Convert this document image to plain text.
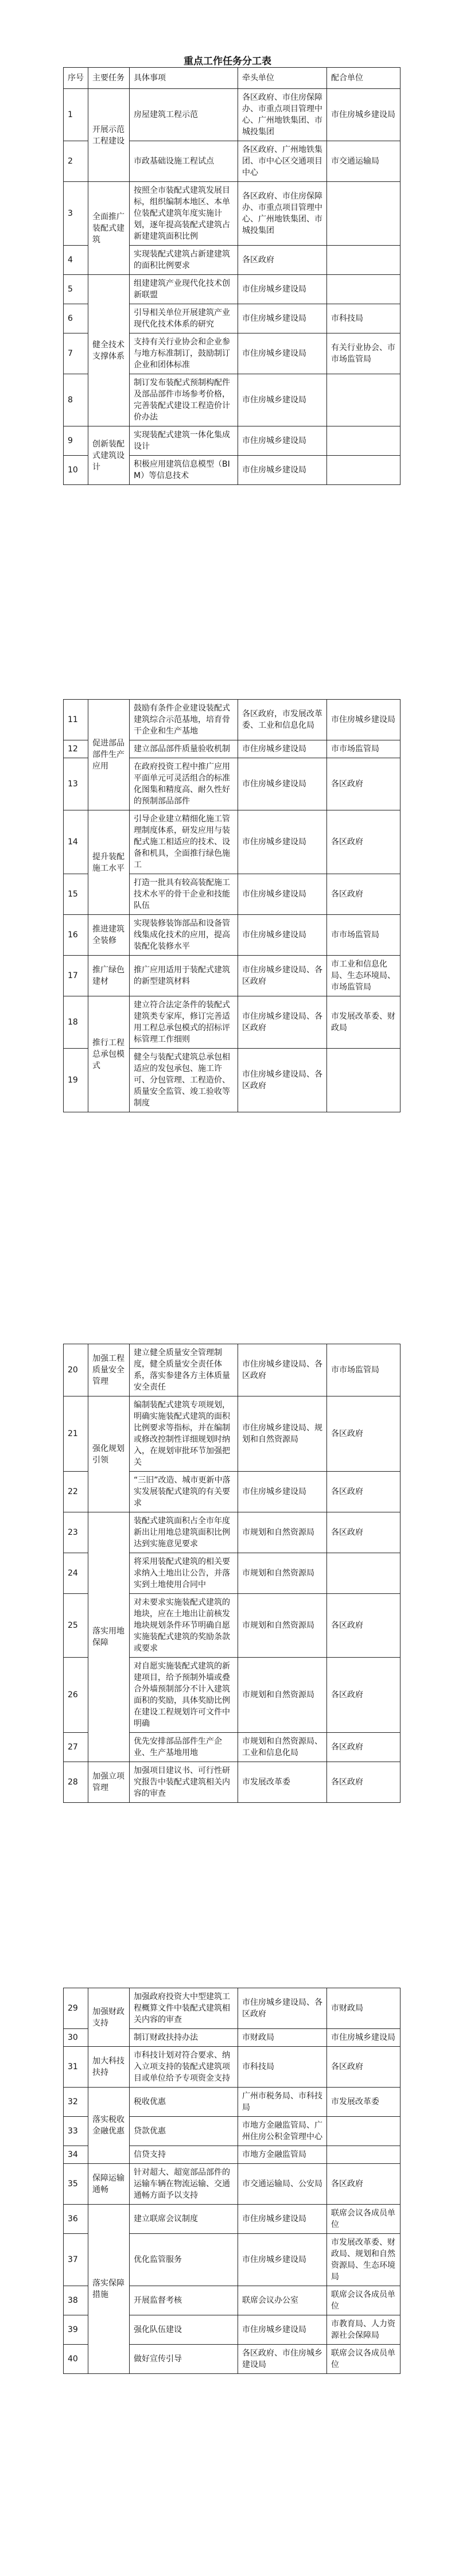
重点工作任务分工表
序号	主要任务	具体事项	牵头单位	配合单位
1	开展示范工程建设	房屋建筑工程示范	各区政府、市住房保障办、市重点项目管理中心、广州地铁集团、市城投集团	市住房城乡建设局
2		市政基础设施工程试点	各区政府、广州地铁集团、市中心区交通项目中心	市交通运输局
3	全面推广装配式建筑	按照全市装配式建筑发展目标，组织编制本地区、本单位装配式建筑年度实施计划，逐年提高装配式建筑占新建建筑面积比例	各区政府、市住房保障办、市重点项目管理中心、广州地铁集团、市城投集团	
4		实现装配式建筑占新建建筑的面积比例要求	各区政府	
5	健全技术支撑体系	组建建筑产业现代化技术创新联盟	市住房城乡建设局	
6		引导相关单位开展建筑产业现代化技术体系的研究	市住房城乡建设局	市科技局
7		支持有关行业协会和企业参与地方标准制订，鼓励制订企业和团体标准	市住房城乡建设局	有关行业协会、市市场监管局
8		制订发布装配式预制构配件及部品部件市场参考价格，完善装配式建设工程造价计价办法	市住房城乡建设局	
9	创新装配式建筑设计	实现装配式建筑一体化集成设计	市住房城乡建设局	
10		积极应用建筑信息模型（BIM）等信息技术	市住房城乡建设局	
11	促进部品部件生产应用	鼓励有条件企业建设装配式建筑综合示范基地，培育骨干企业和生产基地	各区政府，市发展改革委、工业和信息化局	市住房城乡建设局
12		建立部品部件质量验收机制	市住房城乡建设局	市市场监管局
13		在政府投资工程中推广应用平面单元可灵活组合的标准化图集和精度高、耐久性好的预制部品部件	市住房城乡建设局	各区政府
14	提升装配施工水平	引导企业建立精细化施工管理制度体系，研发应用与装配式施工相适应的技术、设备和机具，全面推行绿色施工	市住房城乡建设局	各区政府
15		打造一批具有较高装配施工技术水平的骨干企业和技能队伍	市住房城乡建设局	各区政府
16	推进建筑全装修	实现装修装饰部品和设备管线集成化技术的应用，提高装配化装修水平	市住房城乡建设局	市市场监管局
17	推广绿色建材	推广应用适用于装配式建筑的新型建筑材料	市住房城乡建设局、各区政府	市工业和信息化局、生态环境局、市场监管局
18	推行工程总承包模式	建立符合法定条件的装配式建筑类专家库，修订完善适用工程总承包模式的招标评标管理工作细则	市住房城乡建设局、各区政府	市发展改革委、财政局
19		健全与装配式建筑总承包相适应的发包承包、施工许可、分包管理、工程造价、质量安全监管、竣工验收等制度	市住房城乡建设局、各区政府	
20	加强工程质量安全管理	建立健全质量安全管理制度，健全质量安全责任体系，落实参建各方主体质量安全责任	市住房城乡建设局、各区政府	市市场监管局
21	强化规划引领	编制装配式建筑专项规划，明确实施装配式建筑的面积比例要求等指标，并在编制或修改控制性详细规划时纳入，在规划审批环节加强把关	市住房城乡建设局、规划和自然资源局	各区政府
22		“三旧”改造、城市更新中落实发展装配式建筑的有关要求	市住房城乡建设局	各区政府
23	落实用地保障	装配式建筑面积占全市年度新出让用地总建筑面积比例达到实施意见要求	市规划和自然资源局	各区政府
24		将采用装配式建筑的相关要求纳入土地出让公告，并落实到土地使用合同中	市规划和自然资源局	
25		对未要求实施装配式建筑的地块，应在土地出让前核发地块规划条件环节明确自愿实施装配式建筑的奖励条款或要求	市规划和自然资源局	各区政府
26		对自愿实施装配式建筑的新建项目，给予预制外墙或叠合外墙预制部分不计入建筑面积的奖励，具体奖励比例在建设工程规划许可文件中明确	市规划和自然资源局	各区政府
27		优先安排部品部件生产企业、生产基地用地	市规划和自然资源局、工业和信息化局	各区政府
28	加强立项管理	加强项目建议书、可行性研究报告中装配式建筑相关内容的审查	市发展改革委	各区政府
29	加强财政支持	加强政府投资大中型建筑工程概算文件中装配式建筑相关内容的审查	市住房城乡建设局、各区政府	市财政局
30		制订财政扶持办法	市财政局	市住房城乡建设局
31	加大科技扶持	市科技计划对符合要求、纳入立项支持的装配式建筑项目或单位给予专项资金支持	市科技局	各区政府
32	落实税收金融优惠	税收优惠	广州市税务局、市科技局	市发展改革委
33		贷款优惠	市地方金融监管局、广州住房公积金管理中心	
34		信贷支持	市地方金融监管局	
35	保障运输通畅	针对超大、超宽部品部件的运输车辆在物流运输、交通通畅方面予以支持	市交通运输局、公安局	各区政府
36	落实保障措施	建立联席会议制度	市住房城乡建设局	联席会议各成员单位
37		优化监管服务	市住房城乡建设局	市发展改革委、财政局、规划和自然资源局、生态环境局
38		开展监督考核	联席会议办公室	联席会议各成员单位
39		强化队伍建设	市住房城乡建设局	市教育局、人力资源社会保障局
40		做好宣传引导	各区政府、市住房城乡建设局	联席会议各成员单位
